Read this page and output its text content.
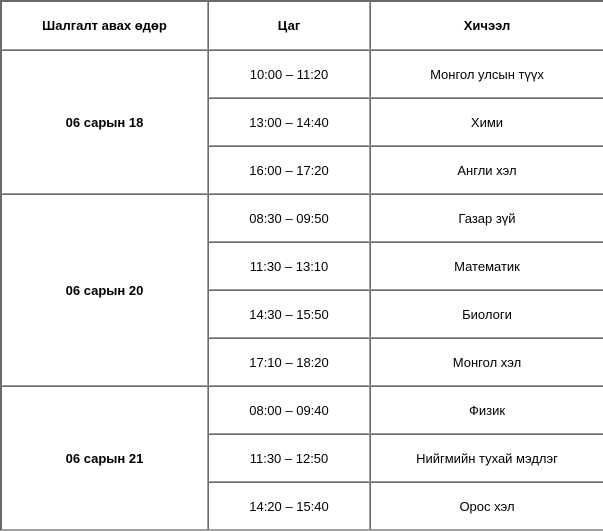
Шалгалт авах өдөр	Цаг	Хичээл
06 сарын 18	10:00 – 11:20	Монгол улсын түүх
	13:00 – 14:40	Хими
	16:00 – 17:20	Англи хэл
06 сарын 20	08:30 – 09:50	Газар зүй
	11:30 – 13:10	Математик
	14:30 – 15:50	Биологи
	17:10 – 18:20	Монгол хэл
06 сарын 21	08:00 – 09:40	Физик
	11:30 – 12:50	Нийгмийн тухай мэдлэг
	14:20 – 15:40	Орос хэл
